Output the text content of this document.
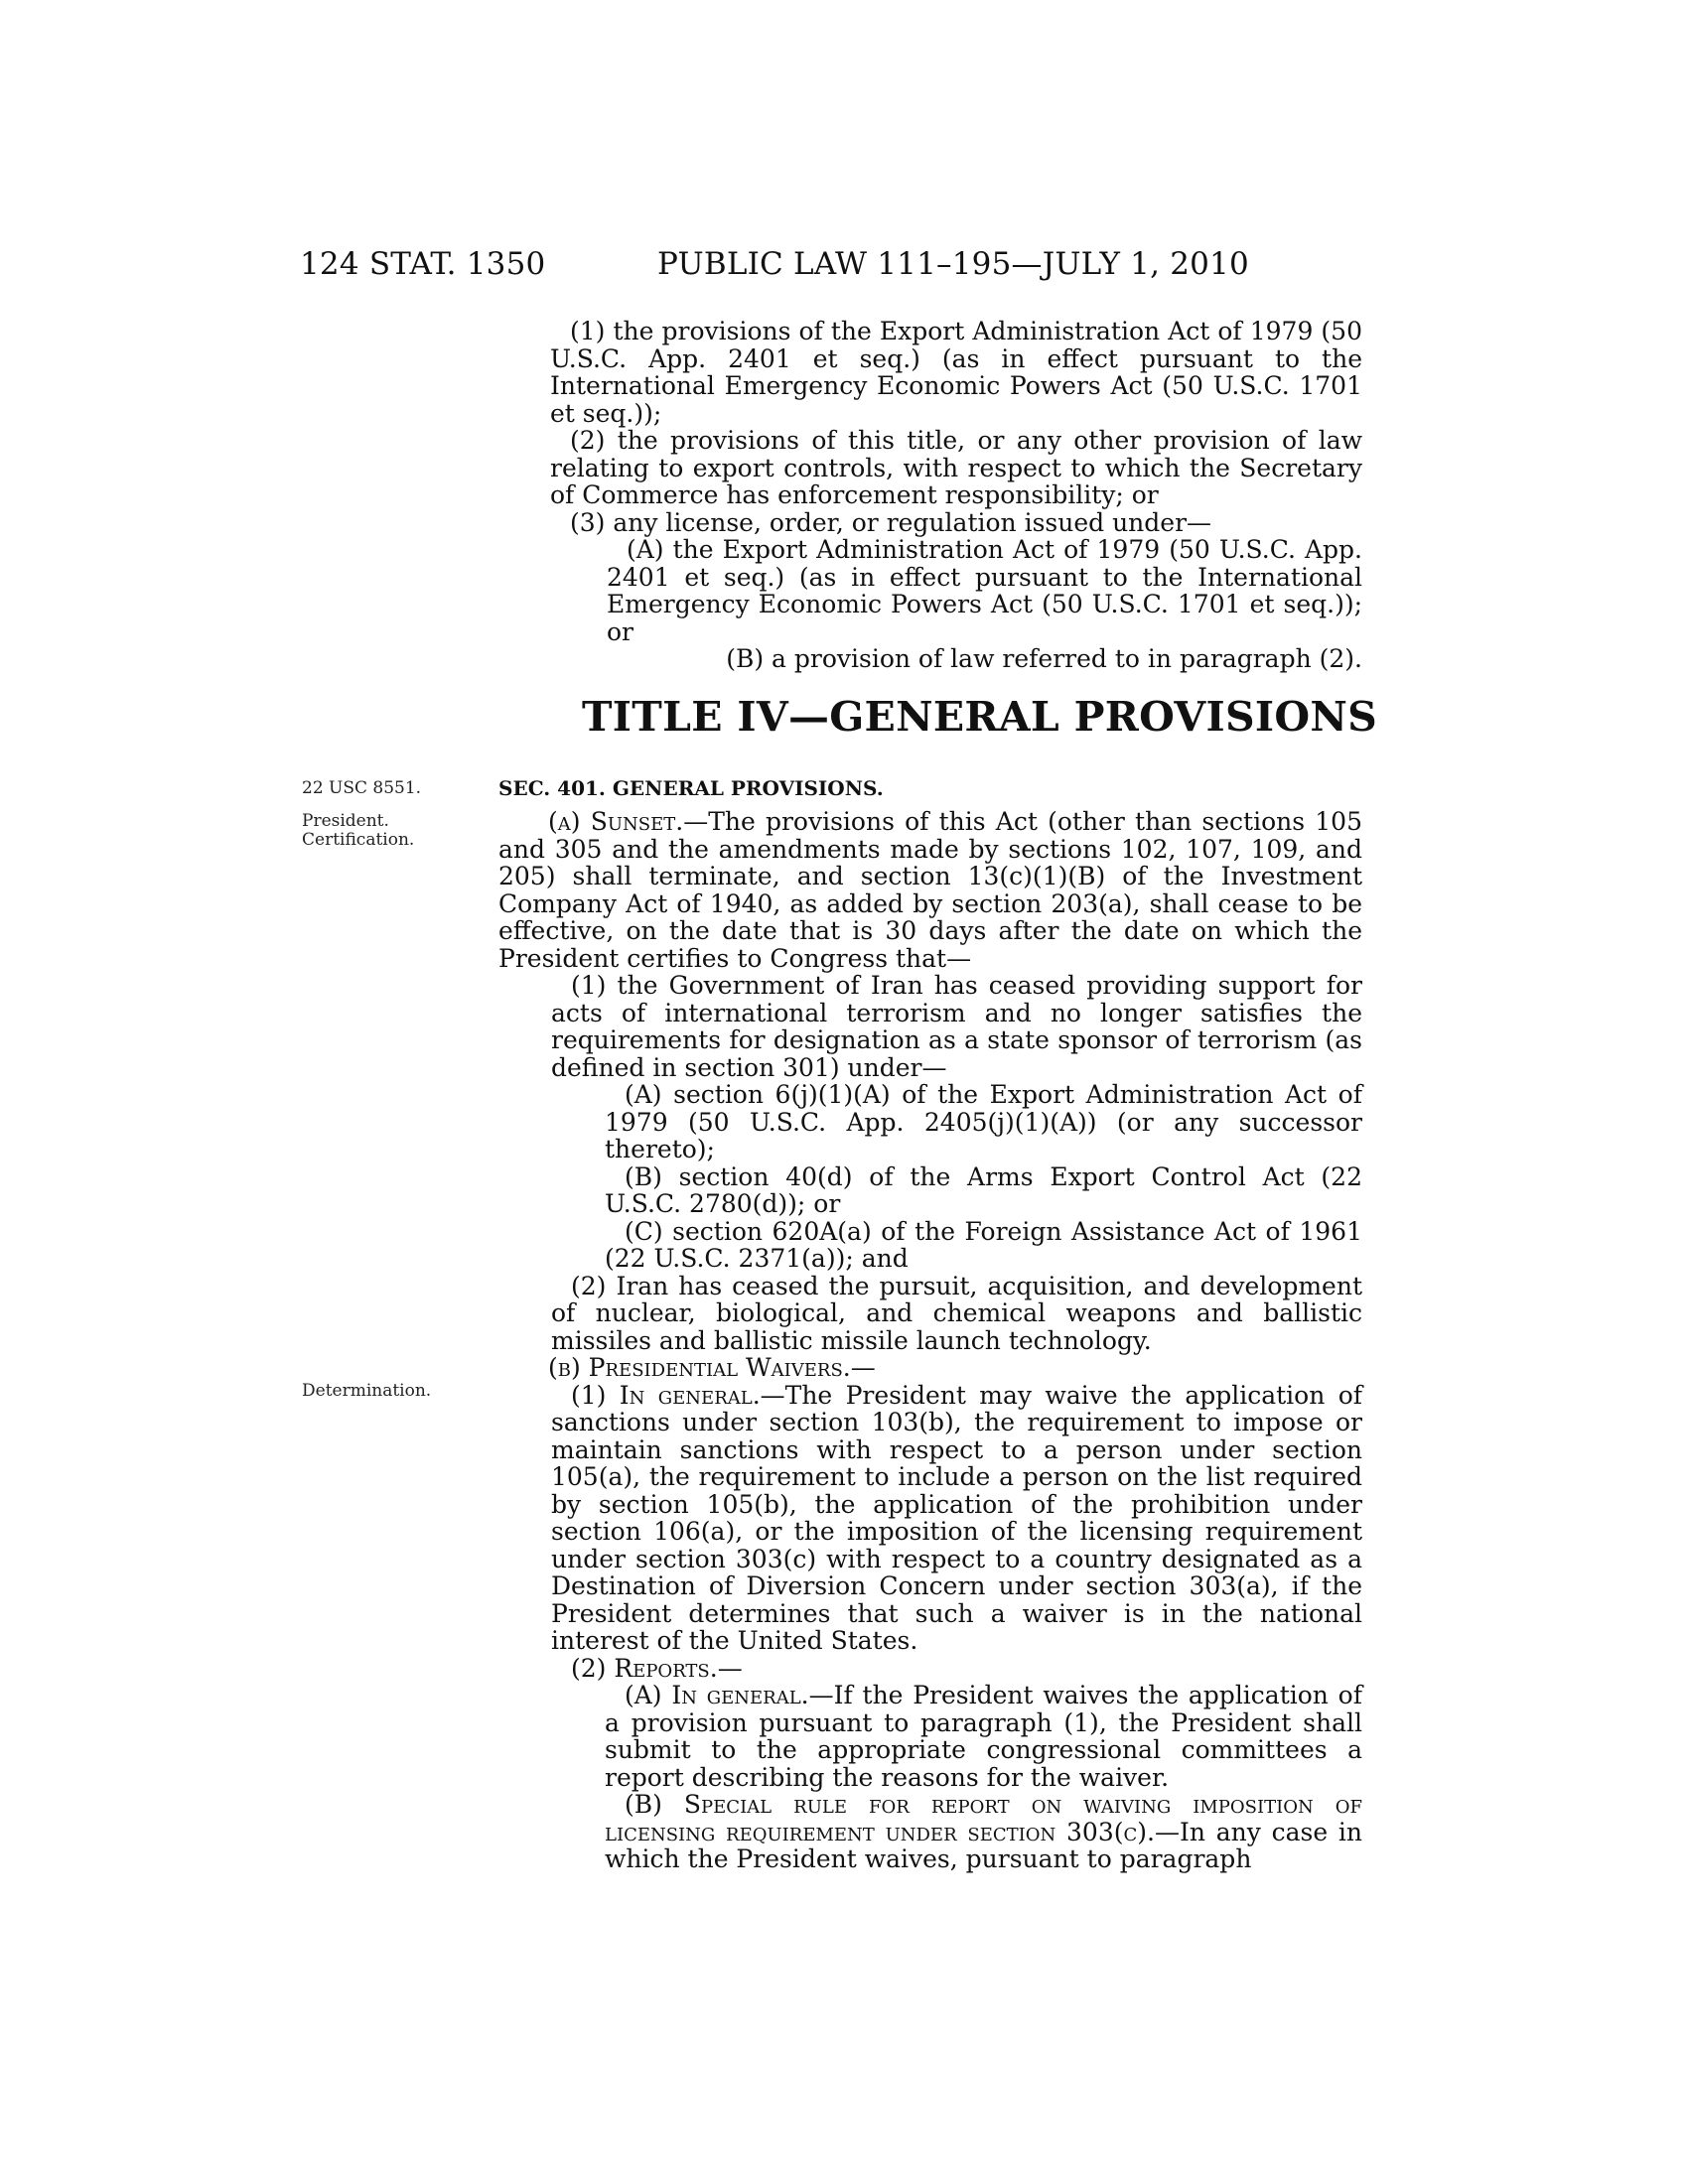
124 STAT. 1350	PUBLIC LAW 111–195—JULY 1, 2010

(1) the provisions of the Export Administration Act of 1979 (50 U.S.C. App. 2401 et seq.) (as in effect pursuant to the International Emergency Economic Powers Act (50 U.S.C. 1701 et seq.));

(2) the provisions of this title, or any other provision of law relating to export controls, with respect to which the Secretary of Commerce has enforcement responsibility; or

(3) any license, order, or regulation issued under—

(A) the Export Administration Act of 1979 (50 U.S.C. App. 2401 et seq.) (as in effect pursuant to the International Emergency Economic Powers Act (50 U.S.C. 1701 et seq.)); or

(B) a provision of law referred to in paragraph (2).

TITLE IV—GENERAL PROVISIONS
22 USC 8551.
President.
Certification.
Determination.
SEC. 401. GENERAL PROVISIONS.

(a) Sunset.—The provisions of this Act (other than sections 105 and 305 and the amendments made by sections 102, 107, 109, and 205) shall terminate, and section 13(c)(1)(B) of the Investment Company Act of 1940, as added by section 203(a), shall cease to be effective, on the date that is 30 days after the date on which the President certifies to Congress that—

(1) the Government of Iran has ceased providing support for acts of international terrorism and no longer satisfies the requirements for designation as a state sponsor of terrorism (as defined in section 301) under—

(A) section 6(j)(1)(A) of the Export Administration Act of 1979 (50 U.S.C. App. 2405(j)(1)(A)) (or any successor thereto);

(B) section 40(d) of the Arms Export Control Act (22 U.S.C. 2780(d)); or

(C) section 620A(a) of the Foreign Assistance Act of 1961 (22 U.S.C. 2371(a)); and

(2) Iran has ceased the pursuit, acquisition, and development of nuclear, biological, and chemical weapons and ballistic missiles and ballistic missile launch technology.

(b) Presidential Waivers.—

(1) In general.—The President may waive the application of sanctions under section 103(b), the requirement to impose or maintain sanctions with respect to a person under section 105(a), the requirement to include a person on the list required by section 105(b), the application of the prohibition under section 106(a), or the imposition of the licensing requirement under section 303(c) with respect to a country designated as a Destination of Diversion Concern under section 303(a), if the President determines that such a waiver is in the national interest of the United States.

(2) Reports.—

(A) In general.—If the President waives the application of a provision pursuant to paragraph (1), the President shall submit to the appropriate congressional committees a report describing the reasons for the waiver.

(B) Special rule for report on waiving imposition of licensing requirement under section 303(c).—In any case in which the President waives, pursuant to paragraph
